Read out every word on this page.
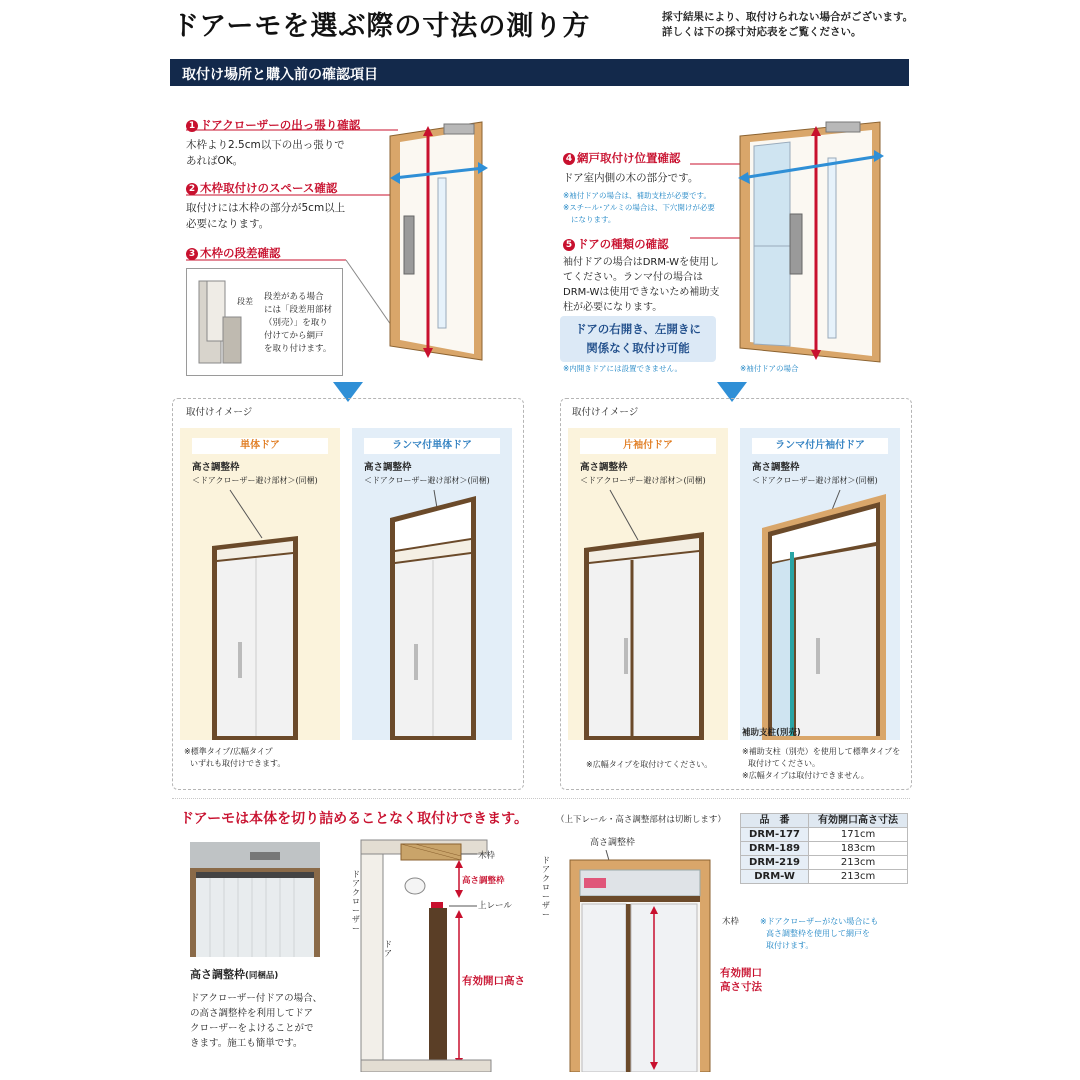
ドアーモを選ぶ際の寸法の測り方	採寸結果により、取付けられない場合がございます。
詳しくは下の採寸対応表をご覧ください。
取付け場所と購入前の確認項目
1 ドアクローザーの出っ張り確認
木枠より2.5cm以下の出っ張りで
あればOK。
2 木枠取付けのスペース確認
取付けには木枠の部分が5cm以上
必要になります。
3 木枠の段差確認
段差 段差がある場合
には「段差用部材
（別売）」を取り
付けてから網戸
を取り付けます。
4 網戸取付け位置確認
ドア室内側の木の部分です。
※袖付ドアの場合は、補助支柱が必要です。
※スチール･アルミの場合は、下穴開けが必要
になります。
5 ドアの種類の確認
袖付ドアの場合はDRM-Wを使用し
てください。ランマ付の場合は
DRM-Wは使用できないため補助支
柱が必要になります。
ドアの右開き、左開きに
関係なく取付け可能
※内開きドアには設置できません。	※袖付ドアの場合
取付けイメージ	取付けイメージ
単体ドア
高さ調整枠
＜ドアクローザー避け部材＞(同梱)
ランマ付単体ドア
高さ調整枠
＜ドアクローザー避け部材＞(同梱)
※標準タイプ/広幅タイプ
いずれも取付けできます。
片袖付ドア
高さ調整枠
＜ドアクローザー避け部材＞(同梱)
ランマ付片袖付ドア
高さ調整枠
＜ドアクローザー避け部材＞(同梱)
補助支柱(別売)
※広幅タイプを取付けてください。
※補助支柱（別売）を使用して標準タイプを
取付けてください。
※広幅タイプは取付けできません。
ドアーモは本体を切り詰めることなく取付けできます。	（上下レール・高さ調整部材は切断します）
高さ調整枠(同梱品)
ドアクローザー付ドアの場合、
の高さ調整枠を利用してドア
クローザーをよけることがで
きます。施工も簡単です。
ドアクローザー
ドア
木枠
高さ調整枠
上レール
有効開口高さ
高さ調整枠
ドアクローザー
木枠
有効開口
高さ寸法
品　番	有効開口高さ寸法
DRM-177	171cm
DRM-189	183cm
DRM-219	213cm
DRM-W	213cm
※ドアクローザーがない場合にも
高さ調整枠を使用して網戸を
取付けます。
